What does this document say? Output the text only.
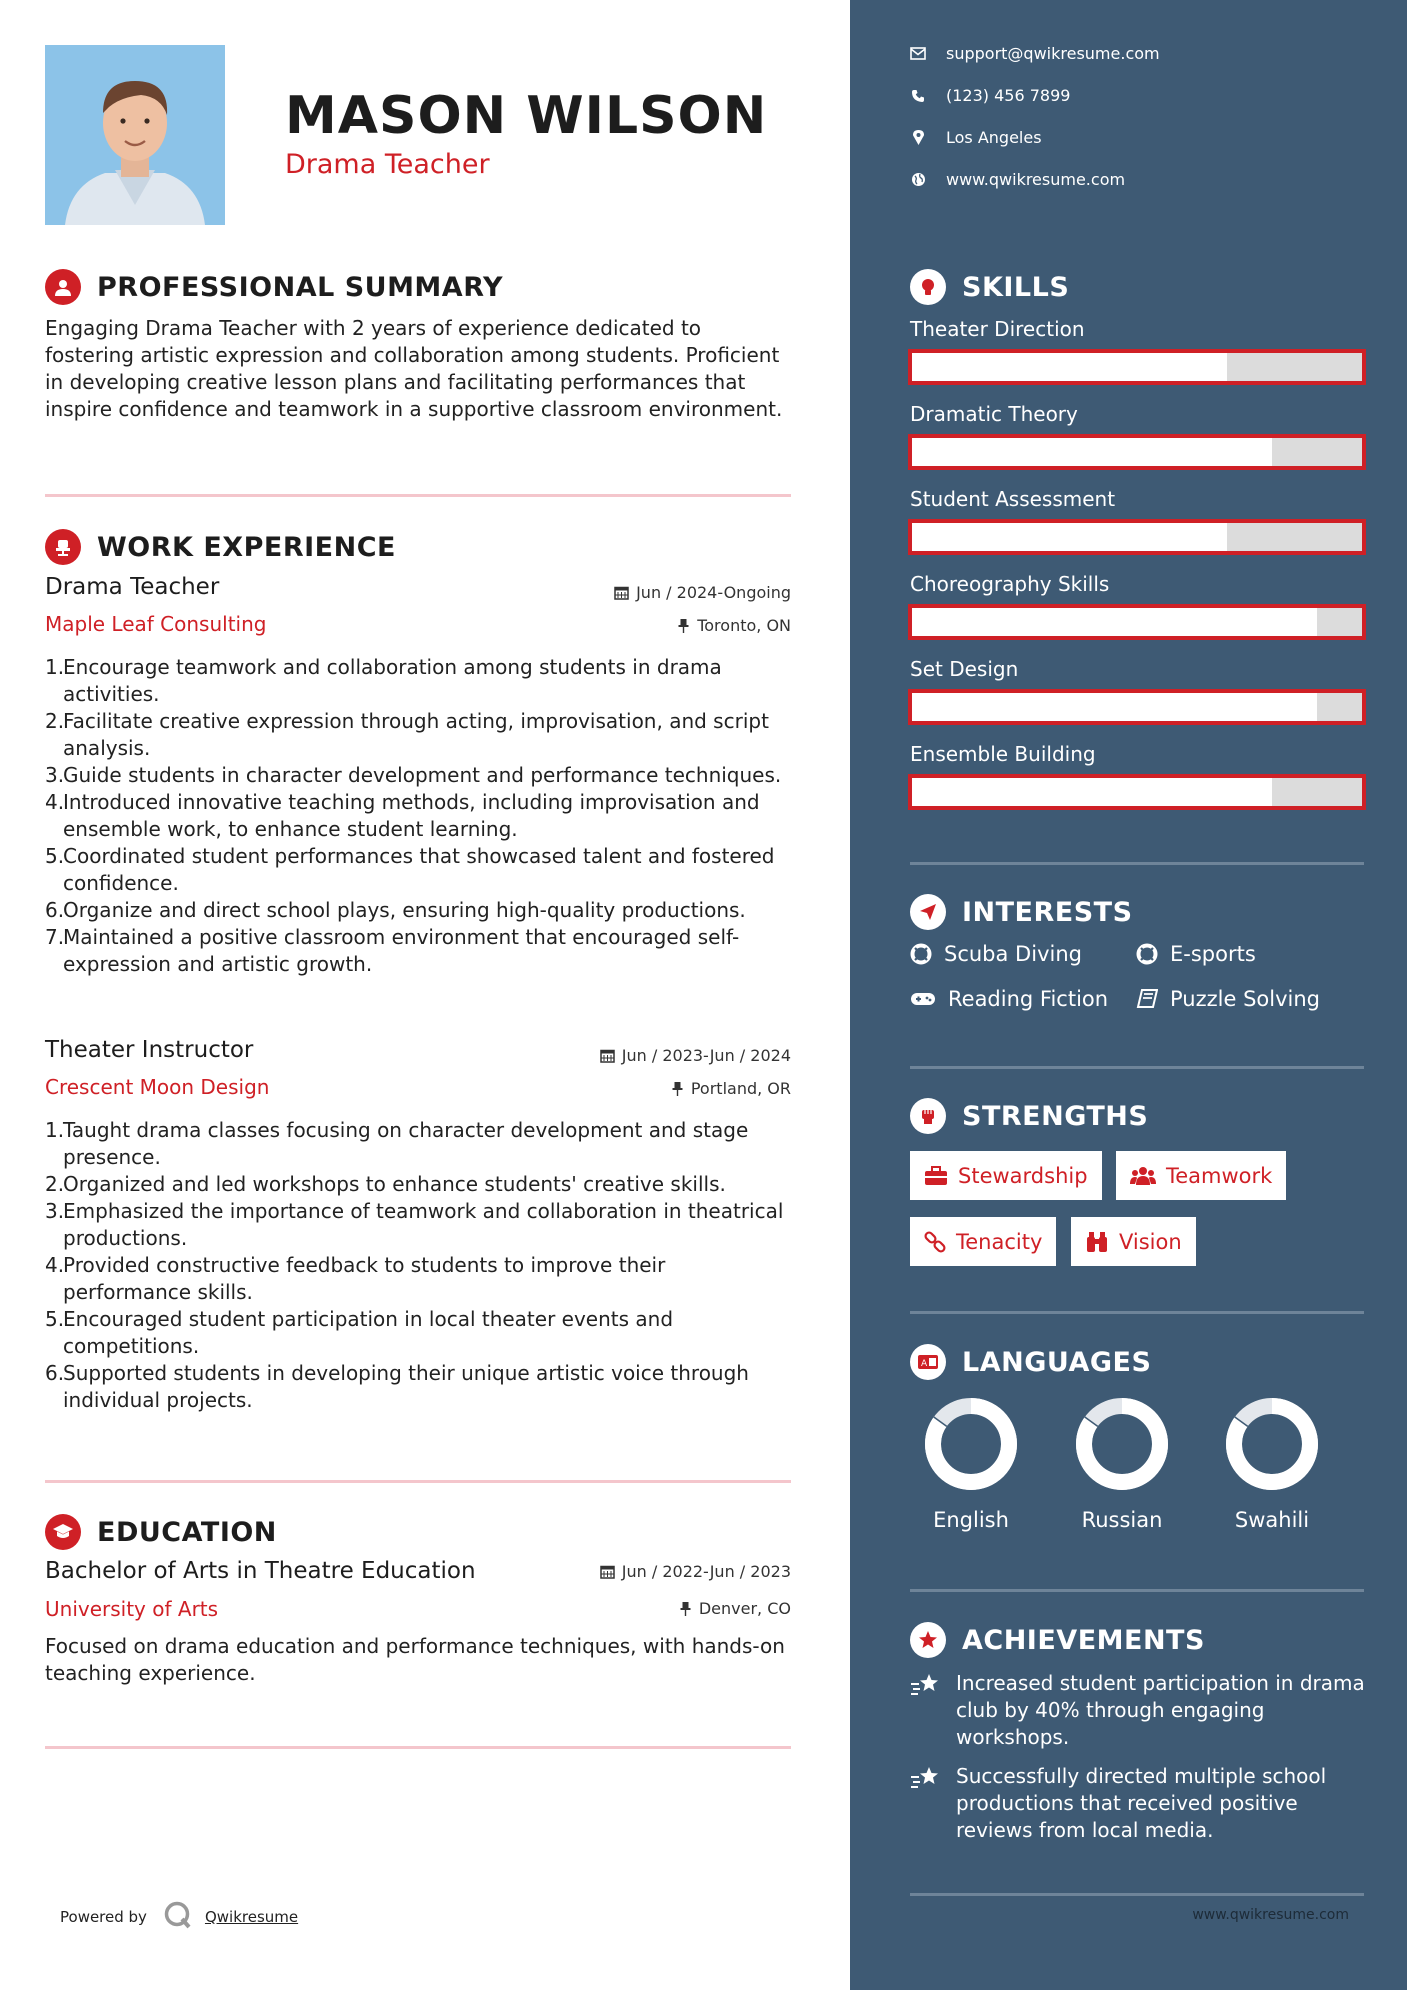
MASON WILSON
Drama Teacher
PROFESSIONAL SUMMARY
Engaging Drama Teacher with 2 years of experience dedicated to fostering artistic expression and collaboration among students. Proficient in developing creative lesson plans and facilitating performances that inspire confidence and teamwork in a supportive classroom environment.
WORK EXPERIENCE
Drama Teacher	Jun / 2024-Ongoing
Maple Leaf Consulting	Toronto, ON
1.
Encourage teamwork and collaboration among students in drama activities.
2.
Facilitate creative expression through acting, improvisation, and script analysis.
3.
Guide students in character development and performance techniques.
4.
Introduced innovative teaching methods, including improvisation and ensemble work, to enhance student learning.
5.
Coordinated student performances that showcased talent and fostered confidence.
6.
Organize and direct school plays, ensuring high-quality productions.
7.
Maintained a positive classroom environment that encouraged self-expression and artistic growth.
Theater Instructor	Jun / 2023-Jun / 2024
Crescent Moon Design	Portland, OR
1.
Taught drama classes focusing on character development and stage presence.
2.
Organized and led workshops to enhance students' creative skills.
3.
Emphasized the importance of teamwork and collaboration in theatrical productions.
4.
Provided constructive feedback to students to improve their performance skills.
5.
Encouraged student participation in local theater events and competitions.
6.
Supported students in developing their unique artistic voice through individual projects.
EDUCATION
Bachelor of Arts in Theatre Education	Jun / 2022-Jun / 2023
University of Arts	Denver, CO
Focused on drama education and performance techniques, with hands-on teaching experience.
Powered by	Qwikresume
support@qwikresume.com
(123) 456 7899
Los Angeles
www.qwikresume.com
SKILLS
Theater Direction
Dramatic Theory
Student Assessment
Choreography Skills
Set Design
Ensemble Building
INTERESTS
Scuba Diving	E-sports
Reading Fiction	Puzzle Solving
STRENGTHS
Stewardship	Teamwork
Tenacity	Vision
A LANGUAGES
English	Russian	Swahili
ACHIEVEMENTS
Increased student participation in drama club by 40% through engaging workshops.
Successfully directed multiple school productions that received positive reviews from local media.
www.qwikresume.com
